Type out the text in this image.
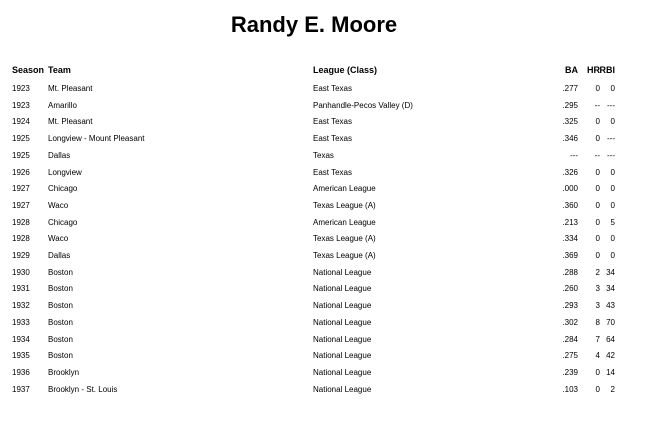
Randy E. Moore
Season Team	League (Class)	BA HR RBI
1923 Mt. Pleasant	East Texas	.277 0 0
1923 Amarillo	Panhandle-Pecos Valley (D)	.295 -- ---
1924 Mt. Pleasant	East Texas	.325 0 0
1925 Longview - Mount Pleasant	East Texas	.346 0 ---
1925 Dallas	Texas	--- -- ---
1926 Longview	East Texas	.326 0 0
1927 Chicago	American League	.000 0 0
1927 Waco	Texas League (A)	.360 0 0
1928 Chicago	American League	.213 0 5
1928 Waco	Texas League (A)	.334 0 0
1929 Dallas	Texas League (A)	.369 0 0
1930 Boston	National League	.288 2 34
1931 Boston	National League	.260 3 34
1932 Boston	National League	.293 3 43
1933 Boston	National League	.302 8 70
1934 Boston	National League	.284 7 64
1935 Boston	National League	.275 4 42
1936 Brooklyn	National League	.239 0 14
1937 Brooklyn - St. Louis	National League	.103 0 2
